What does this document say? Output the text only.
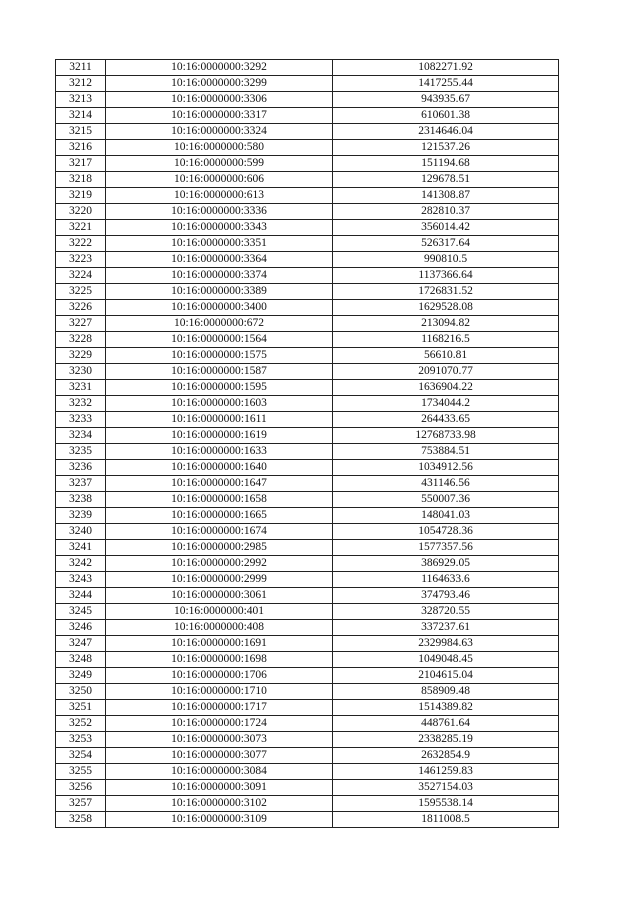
3211	10:16:0000000:3292	1082271.92
3212	10:16:0000000:3299	1417255.44
3213	10:16:0000000:3306	943935.67
3214	10:16:0000000:3317	610601.38
3215	10:16:0000000:3324	2314646.04
3216	10:16:0000000:580	121537.26
3217	10:16:0000000:599	151194.68
3218	10:16:0000000:606	129678.51
3219	10:16:0000000:613	141308.87
3220	10:16:0000000:3336	282810.37
3221	10:16:0000000:3343	356014.42
3222	10:16:0000000:3351	526317.64
3223	10:16:0000000:3364	990810.5
3224	10:16:0000000:3374	1137366.64
3225	10:16:0000000:3389	1726831.52
3226	10:16:0000000:3400	1629528.08
3227	10:16:0000000:672	213094.82
3228	10:16:0000000:1564	1168216.5
3229	10:16:0000000:1575	56610.81
3230	10:16:0000000:1587	2091070.77
3231	10:16:0000000:1595	1636904.22
3232	10:16:0000000:1603	1734044.2
3233	10:16:0000000:1611	264433.65
3234	10:16:0000000:1619	12768733.98
3235	10:16:0000000:1633	753884.51
3236	10:16:0000000:1640	1034912.56
3237	10:16:0000000:1647	431146.56
3238	10:16:0000000:1658	550007.36
3239	10:16:0000000:1665	148041.03
3240	10:16:0000000:1674	1054728.36
3241	10:16:0000000:2985	1577357.56
3242	10:16:0000000:2992	386929.05
3243	10:16:0000000:2999	1164633.6
3244	10:16:0000000:3061	374793.46
3245	10:16:0000000:401	328720.55
3246	10:16:0000000:408	337237.61
3247	10:16:0000000:1691	2329984.63
3248	10:16:0000000:1698	1049048.45
3249	10:16:0000000:1706	2104615.04
3250	10:16:0000000:1710	858909.48
3251	10:16:0000000:1717	1514389.82
3252	10:16:0000000:1724	448761.64
3253	10:16:0000000:3073	2338285.19
3254	10:16:0000000:3077	2632854.9
3255	10:16:0000000:3084	1461259.83
3256	10:16:0000000:3091	3527154.03
3257	10:16:0000000:3102	1595538.14
3258	10:16:0000000:3109	1811008.5
